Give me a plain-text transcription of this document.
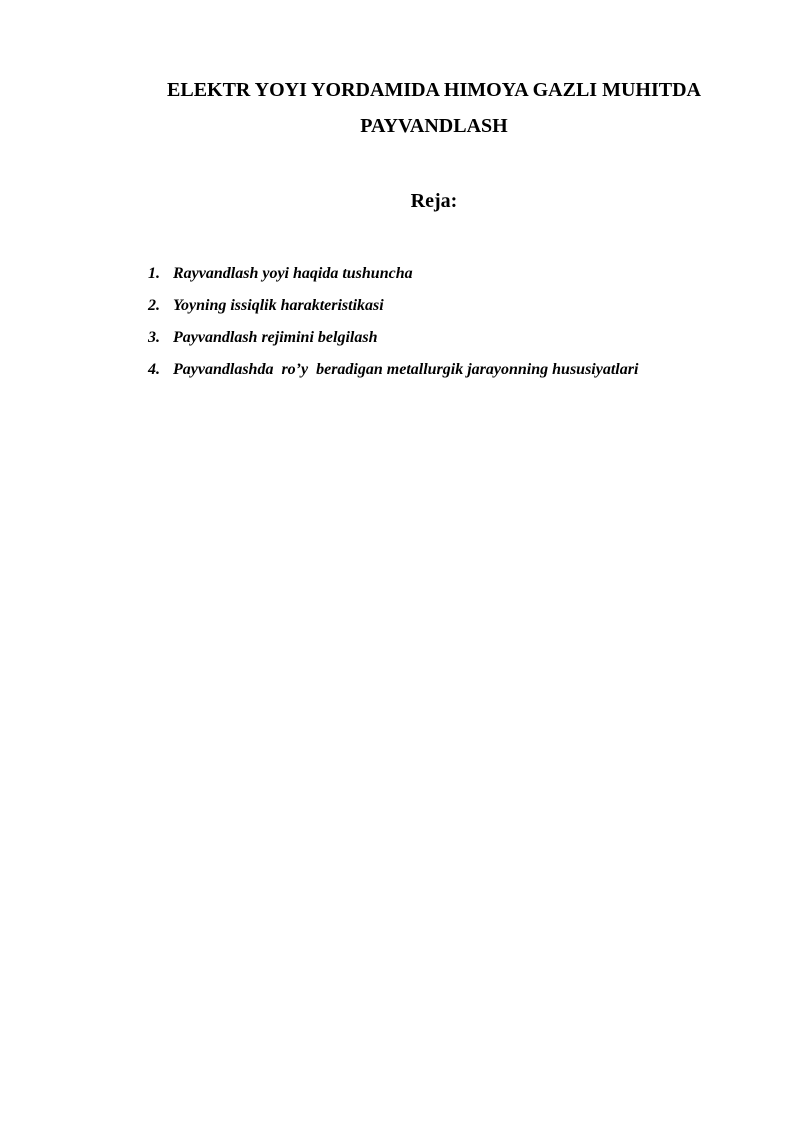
ELEKTR YOYI YORDAMIDA HIMOYA GAZLI MUHITDA
PAYVANDLASH
Reja:
1. Rayvandlash yoyi haqida tushuncha
2. Yoyning issiqlik harakteristikasi
3. Payvandlash rejimini belgilash
4. Payvandlashda  ro’y  beradigan metallurgik jarayonning hususiyatlari
